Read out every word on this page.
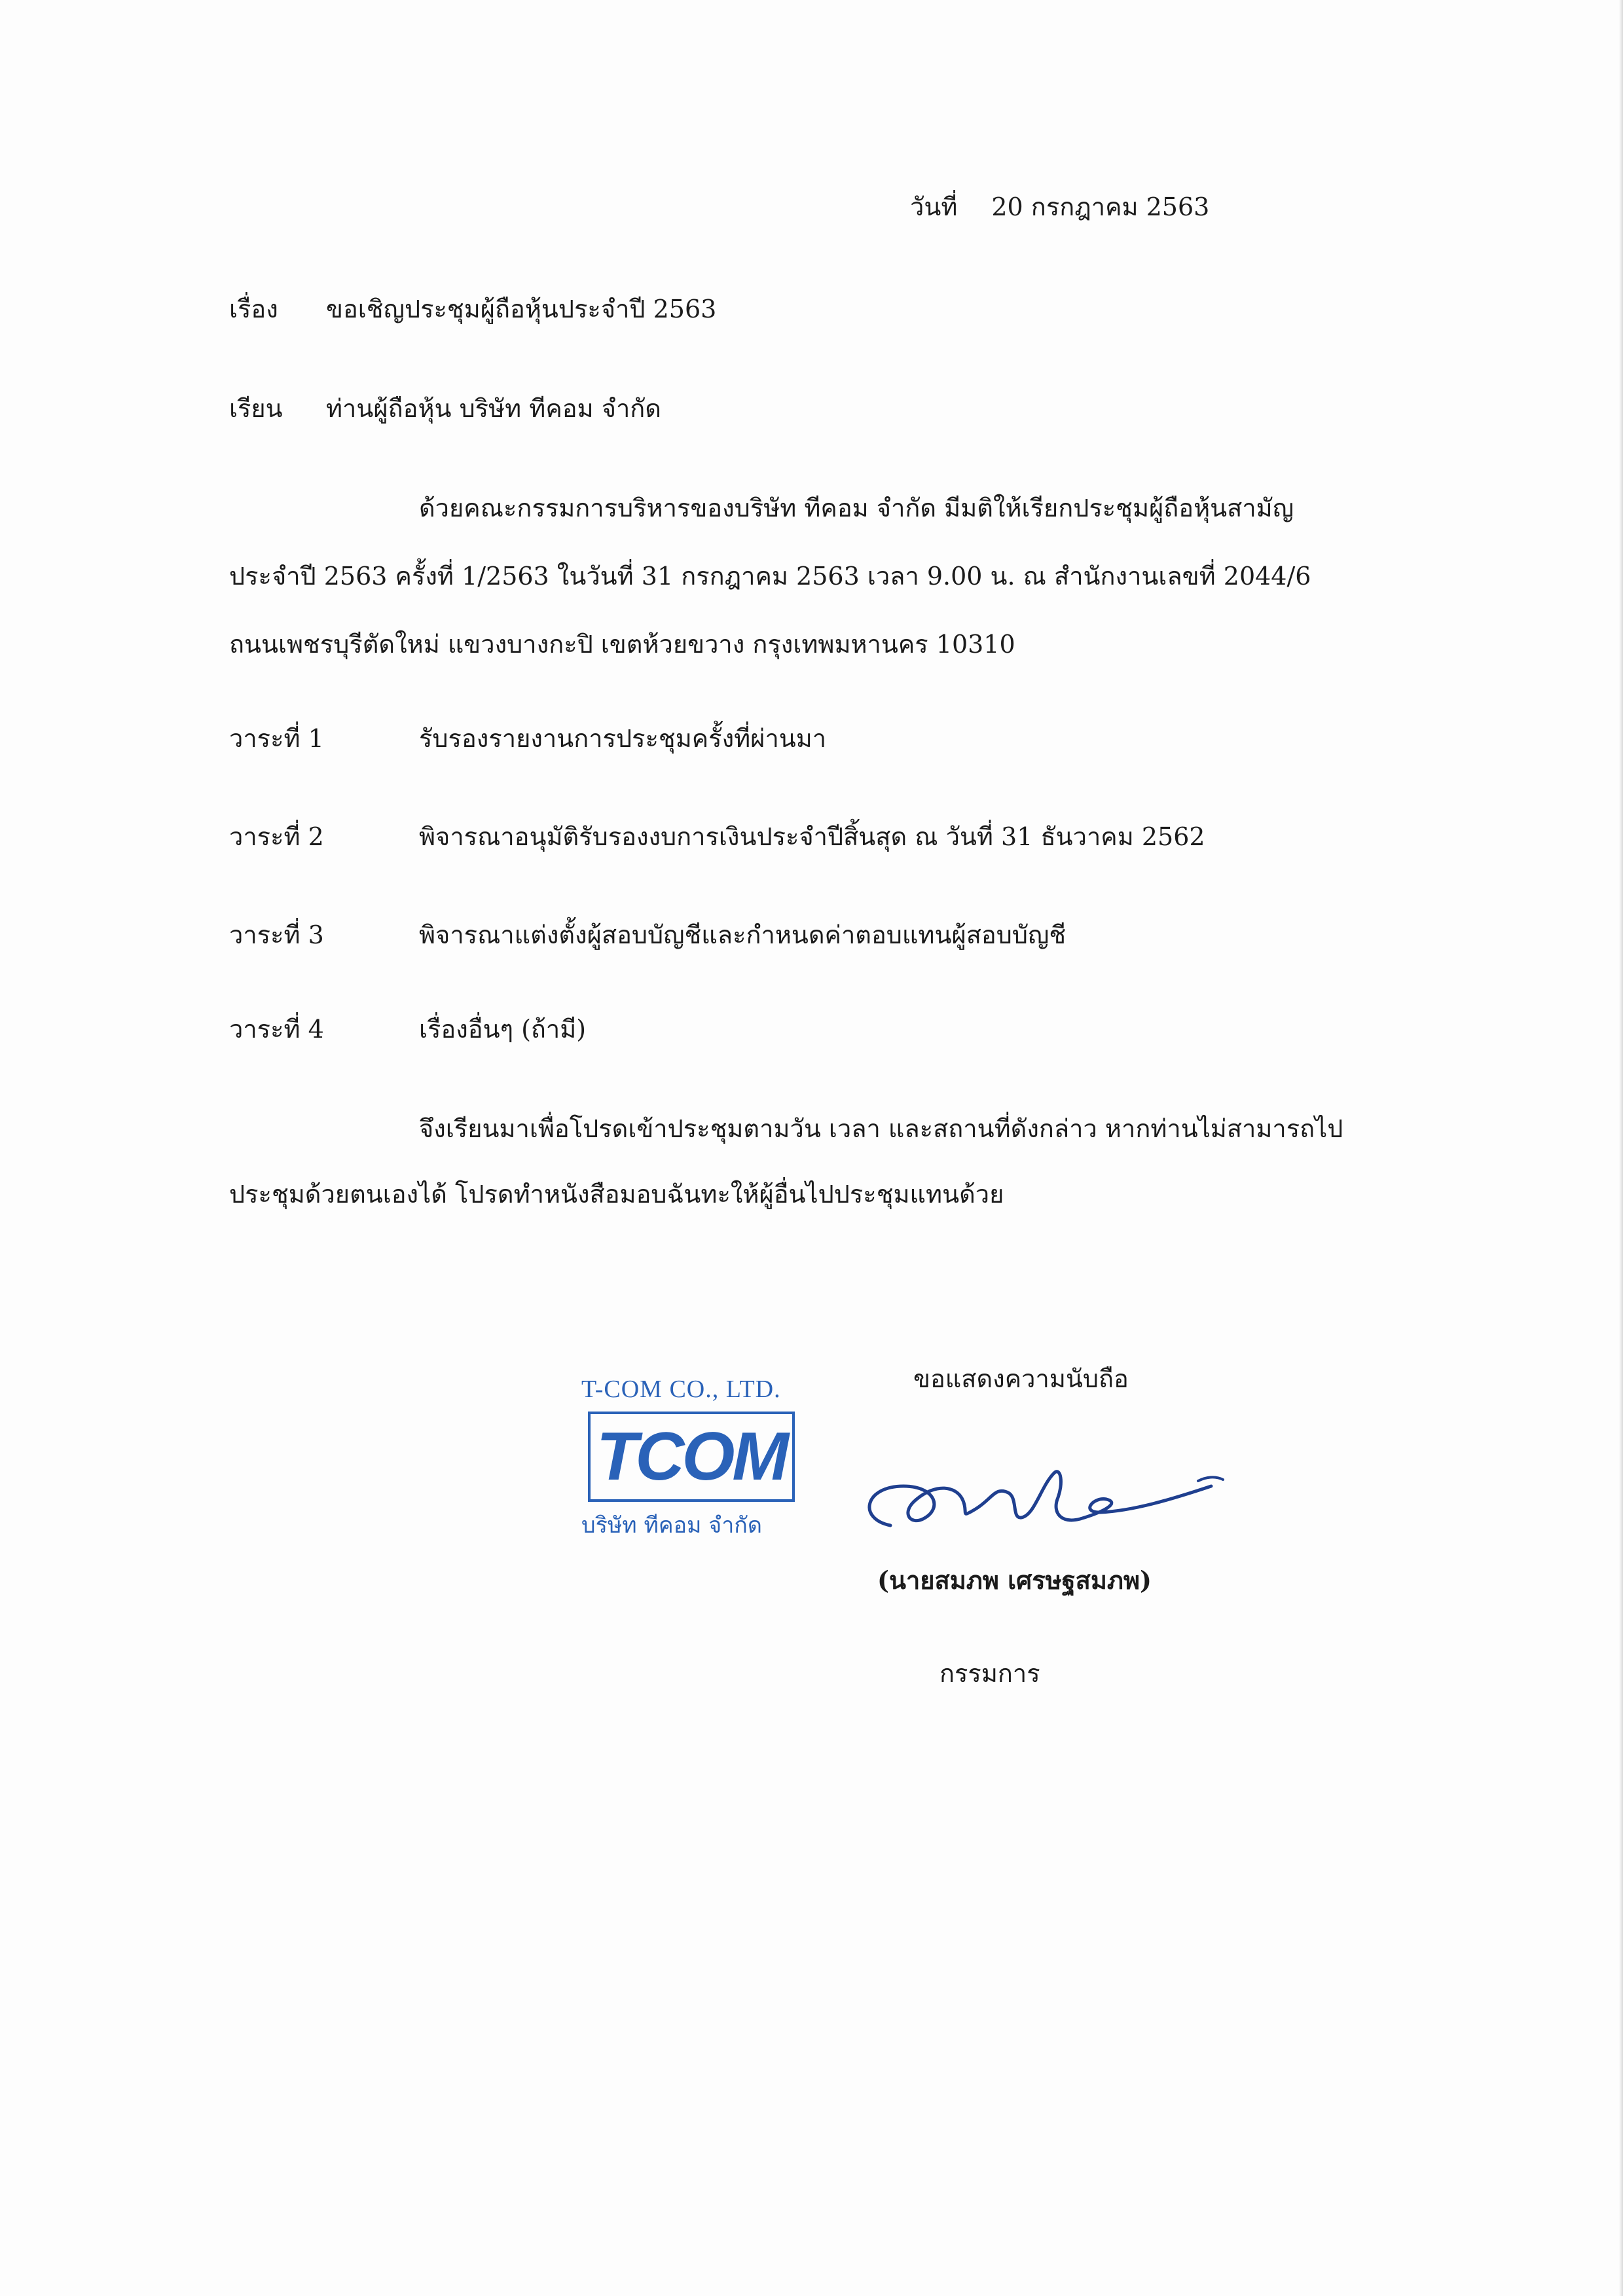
วันที่ 20 กรกฎาคม 2563
เรื่อง ขอเชิญประชุมผู้ถือหุ้นประจำปี 2563
เรียน ท่านผู้ถือหุ้น บริษัท ทีคอม จำกัด
ด้วยคณะกรรมการบริหารของบริษัท ทีคอม จำกัด มีมติให้เรียกประชุมผู้ถือหุ้นสามัญ
ประจำปี 2563 ครั้งที่ 1/2563 ในวันที่ 31 กรกฎาคม 2563 เวลา 9.00 น. ณ สำนักงานเลขที่ 2044/6
ถนนเพชรบุรีตัดใหม่ แขวงบางกะปิ เขตห้วยขวาง กรุงเทพมหานคร 10310
วาระที่ 1	รับรองรายงานการประชุมครั้งที่ผ่านมา
วาระที่ 2	พิจารณาอนุมัติรับรองงบการเงินประจำปีสิ้นสุด ณ วันที่ 31 ธันวาคม 2562
วาระที่ 3	พิจารณาแต่งตั้งผู้สอบบัญชีและกำหนดค่าตอบแทนผู้สอบบัญชี
วาระที่ 4	เรื่องอื่นๆ (ถ้ามี)
จึงเรียนมาเพื่อโปรดเข้าประชุมตามวัน เวลา และสถานที่ดังกล่าว หากท่านไม่สามารถไป
ประชุมด้วยตนเองได้ โปรดทำหนังสือมอบฉันทะให้ผู้อื่นไปประชุมแทนด้วย
T-COM CO., LTD.
TCOM
บริษัท ทีคอม จำกัด
ขอแสดงความนับถือ
(นายสมภพ เศรษฐสมภพ)
กรรมการ
